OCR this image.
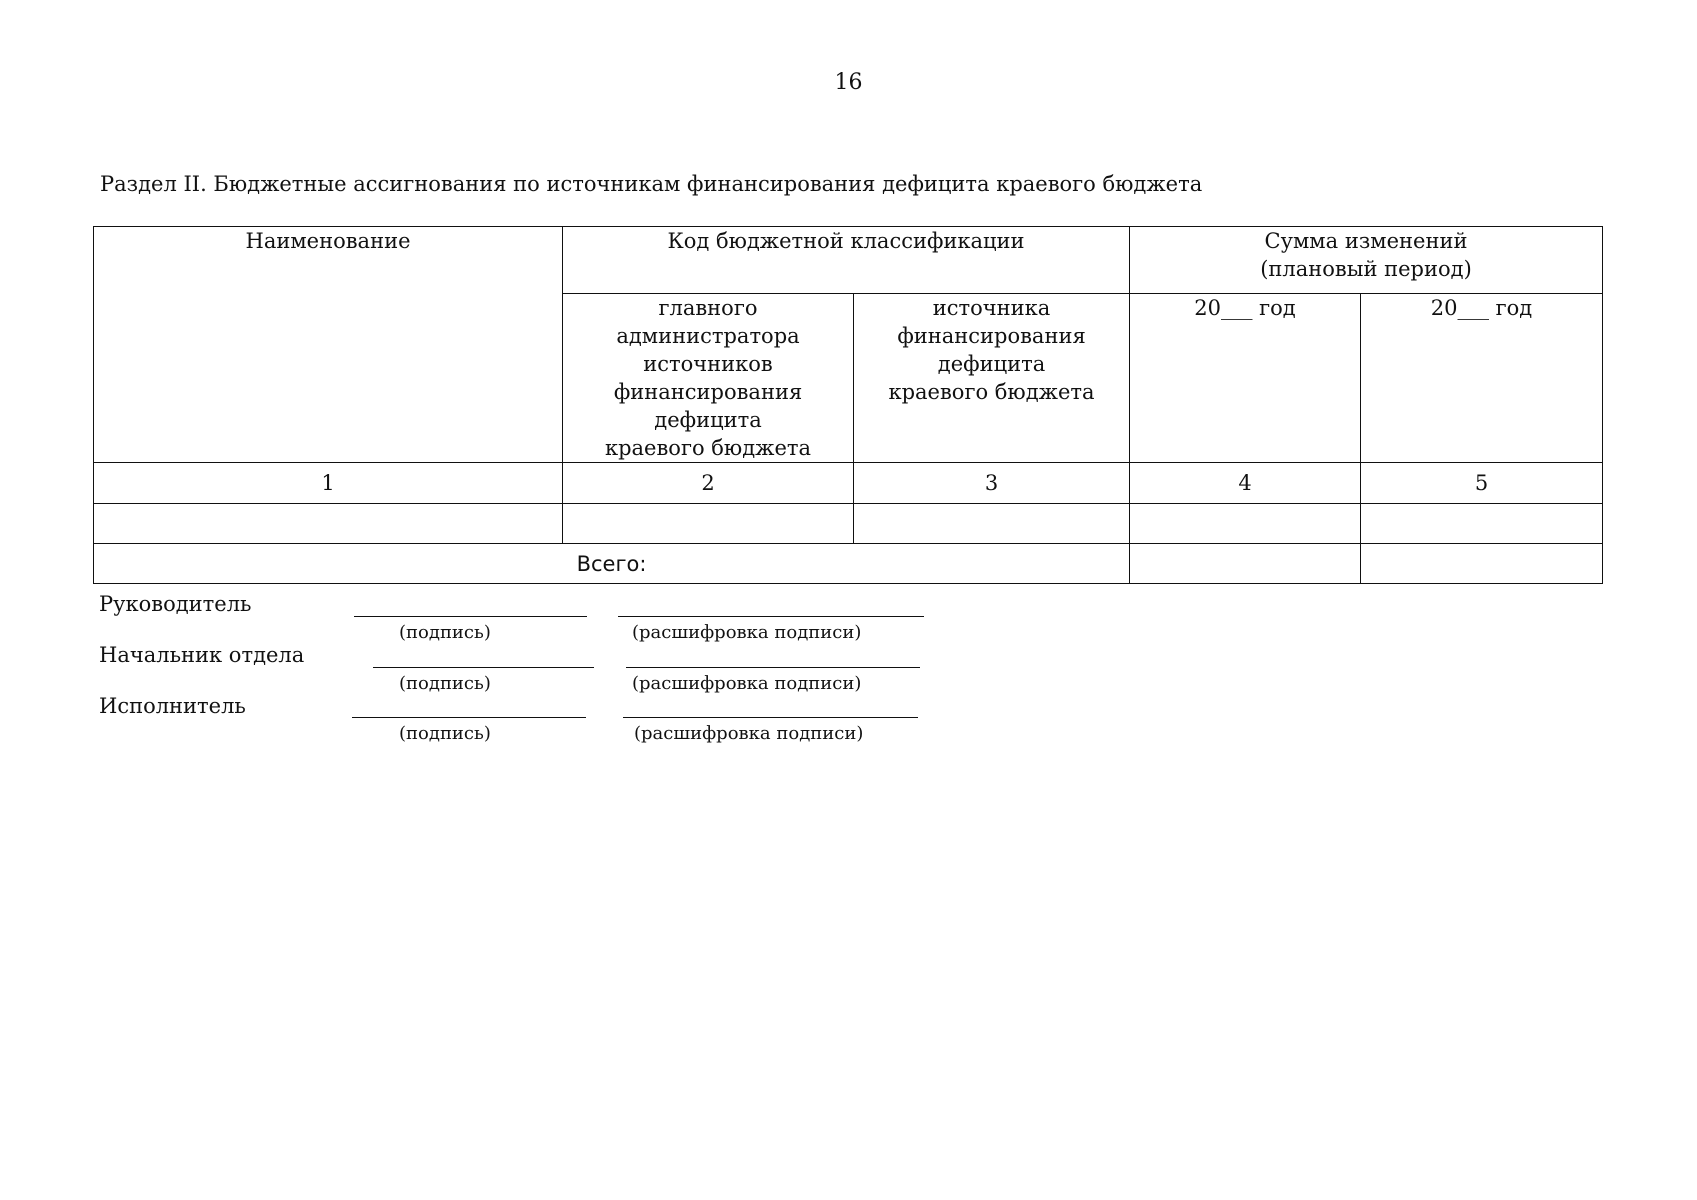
16
Раздел II. Бюджетные ассигнования по источникам финансирования дефицита краевого бюджета
Наименование	Код бюджетной классификации		Сумма изменений
(плановый период)	
	главного администратора
источников
финансирования
дефицита
краевого бюджета	источника
финансирования
дефицита
краевого бюджета	20___ год	20___ год
1	2	3	4	5

Всего:				
Руководитель
(подпись)	(расшифровка подписи)
Начальник отдела
(подпись)	(расшифровка подписи)
Исполнитель
(подпись)	(расшифровка подписи)
